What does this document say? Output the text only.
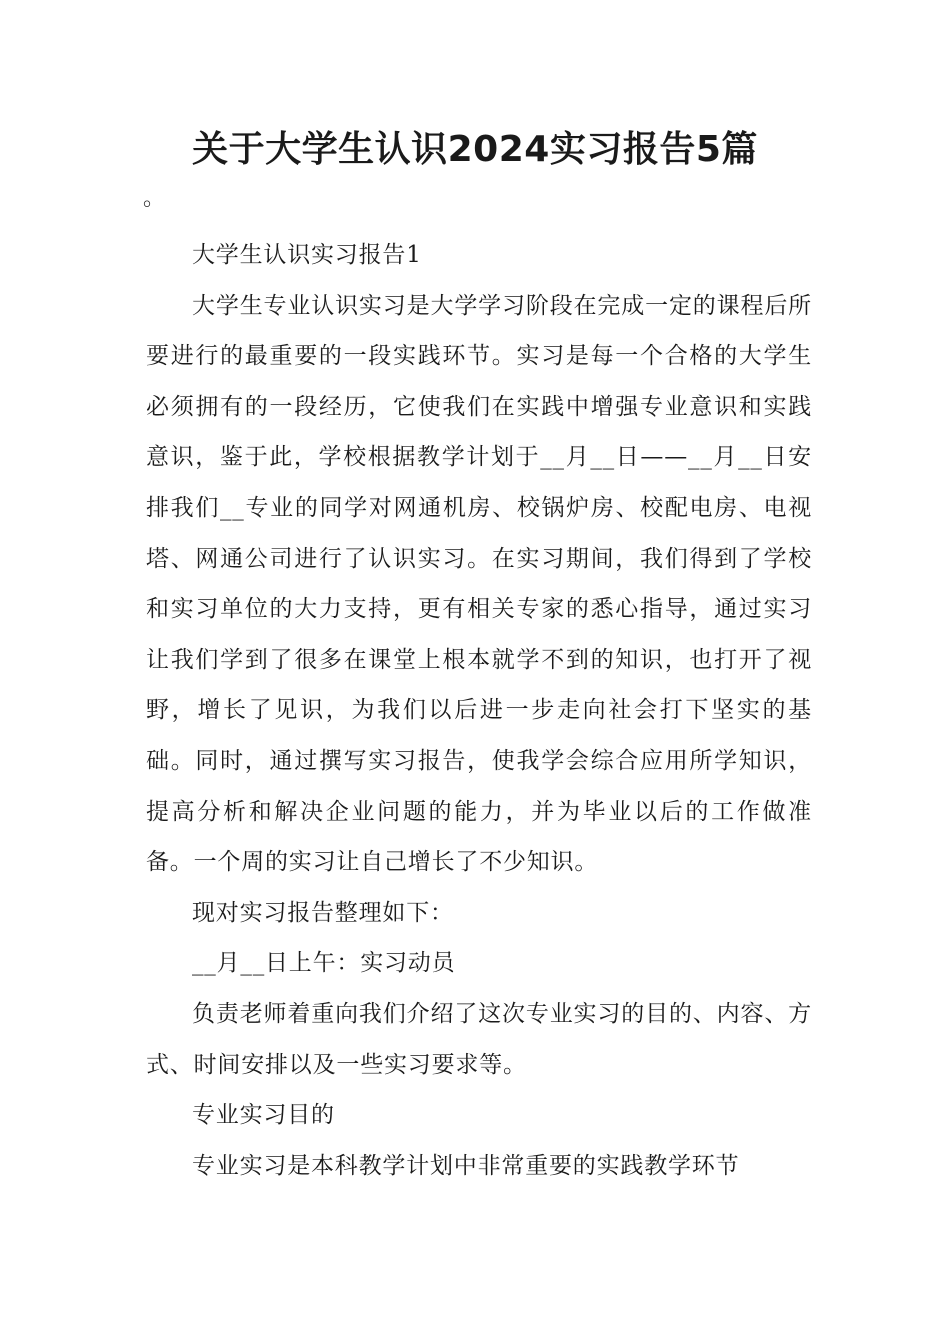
关于大学生认识2024实习报告5篇
。

大学生认识实习报告1

大学生专业认识实习是大学学习阶段在完成一定的课程后所要进行的最重要的一段实践环节。实习是每一个合格的大学生必须拥有的一段经历，它使我们在实践中增强专业意识和实践意识，鉴于此，学校根据教学计划于__月__日——__月__日安排我们__专业的同学对网通机房、校锅炉房、校配电房、电视塔、网通公司进行了认识实习。在实习期间，我们得到了学校和实习单位的大力支持，更有相关专家的悉心指导，通过实习让我们学到了很多在课堂上根本就学不到的知识，也打开了视野，增长了见识，为我们以后进一步走向社会打下坚实的基础。同时，通过撰写实习报告，使我学会综合应用所学知识，提高分析和解决企业问题的能力，并为毕业以后的工作做准备。一个周的实习让自己增长了不少知识。

现对实习报告整理如下：

__月__日上午：实习动员

负责老师着重向我们介绍了这次专业实习的目的、内容、方式、时间安排以及一些实习要求等。

专业实习目的

专业实习是本科教学计划中非常重要的实践教学环节
